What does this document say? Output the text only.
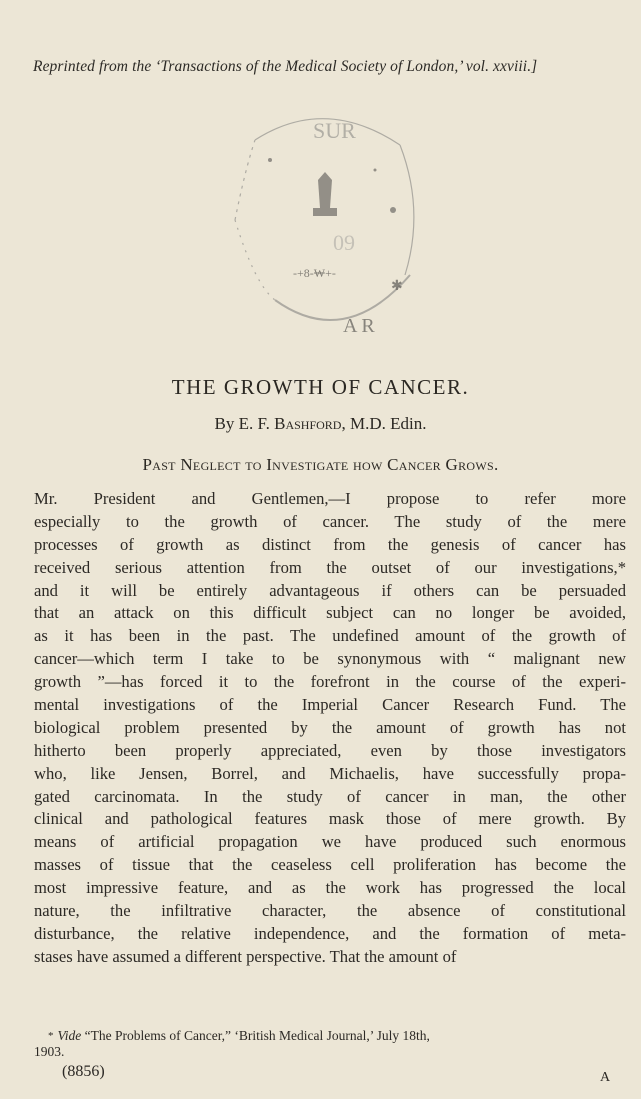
Reprinted from the ‘Transactions of the Medical Society of London,’ vol. xxviii.]
SUR
09
-+8-₩+-
A R
✱
THE GROWTH OF CANCER.
By E. F. Bashford, M.D. Edin.
Past Neglect to Investigate how Cancer Grows.
Mr. President and Gentlemen,—I propose to refer more
especially to the growth of cancer. The study of the mere
processes of growth as distinct from the genesis of cancer has
received serious attention from the outset of our investigations,*
and it will be entirely advantageous if others can be persuaded
that an attack on this difficult subject can no longer be avoided,
as it has been in the past. The undefined amount of the growth of
cancer—which term I take to be synonymous with “ malignant new
growth ”—has forced it to the forefront in the course of the experi-
mental investigations of the Imperial Cancer Research Fund. The
biological problem presented by the amount of growth has not
hitherto been properly appreciated, even by those investigators
who, like Jensen, Borrel, and Michaelis, have successfully propa-
gated carcinomata. In the study of cancer in man, the other
clinical and pathological features mask those of mere growth. By
means of artificial propagation we have produced such enormous
masses of tissue that the ceaseless cell proliferation has become the
most impressive feature, and as the work has progressed the local
nature, the infiltrative character, the absence of constitutional
disturbance, the relative independence, and the formation of meta-
stases have assumed a different perspective. That the amount of
* Vide “The Problems of Cancer,” ‘British Medical Journal,’ July 18th,
1903.
(8856)	A
